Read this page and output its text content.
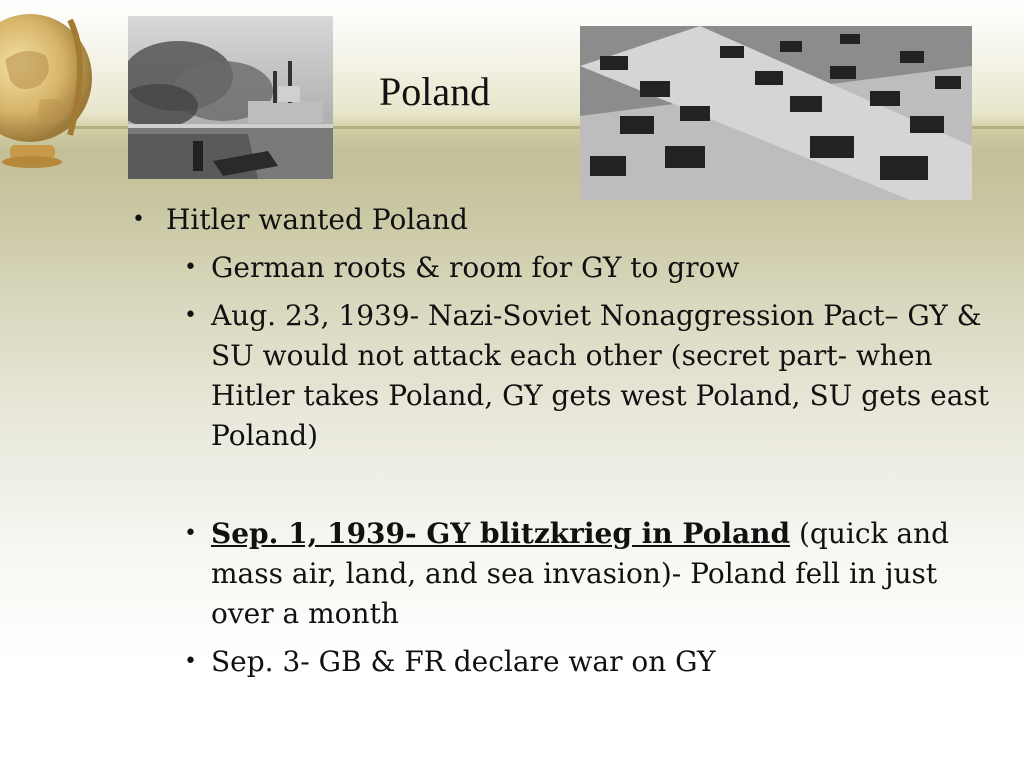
Poland
• Hitler wanted Poland
• German roots & room for GY to grow
• Aug. 23, 1939- Nazi-Soviet Nonaggression Pact– GY & SU would not attack each other (secret part- when Hitler takes Poland, GY gets west Poland, SU gets east Poland)
• Sep. 1, 1939- GY blitzkrieg in Poland (quick and mass air, land, and sea invasion)- Poland fell in just over a month
• Sep. 3- GB & FR declare war on GY
